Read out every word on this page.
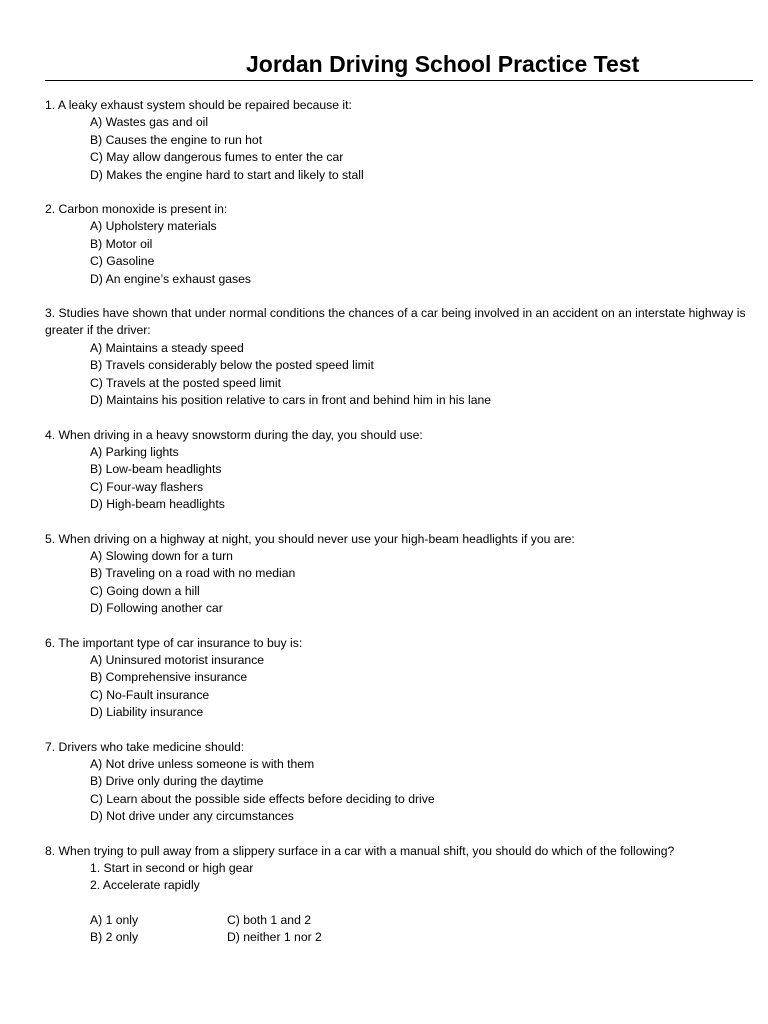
Jordan Driving School Practice Test
1. A leaky exhaust system should be repaired because it:
A) Wastes gas and oil
B) Causes the engine to run hot
C) May allow dangerous fumes to enter the car
D) Makes the engine hard to start and likely to stall
2. Carbon monoxide is present in:
A) Upholstery materials
B) Motor oil
C) Gasoline
D) An engine’s exhaust gases
3. Studies have shown that under normal conditions the chances of a car being involved in an accident on an interstate highway is greater if the driver:
A) Maintains a steady speed
B) Travels considerably below the posted speed limit
C) Travels at the posted speed limit
D) Maintains his position relative to cars in front and behind him in his lane
4. When driving in a heavy snowstorm during the day, you should use:
A) Parking lights
B) Low-beam headlights
C) Four-way flashers
D) High-beam headlights
5. When driving on a highway at night, you should never use your high-beam headlights if you are:
A) Slowing down for a turn
B) Traveling on a road with no median
C) Going down a hill
D) Following another car
6. The important type of car insurance to buy is:
A) Uninsured motorist insurance
B) Comprehensive insurance
C) No-Fault insurance
D) Liability insurance
7. Drivers who take medicine should:
A) Not drive unless someone is with them
B) Drive only during the daytime
C) Learn about the possible side effects before deciding to drive
D) Not drive under any circumstances
8. When trying to pull away from a slippery surface in a car with a manual shift, you should do which of the following?
1. Start in second or high gear
2. Accelerate rapidly
A) 1 only	C) both 1 and 2
B) 2 only	D) neither 1 nor 2
